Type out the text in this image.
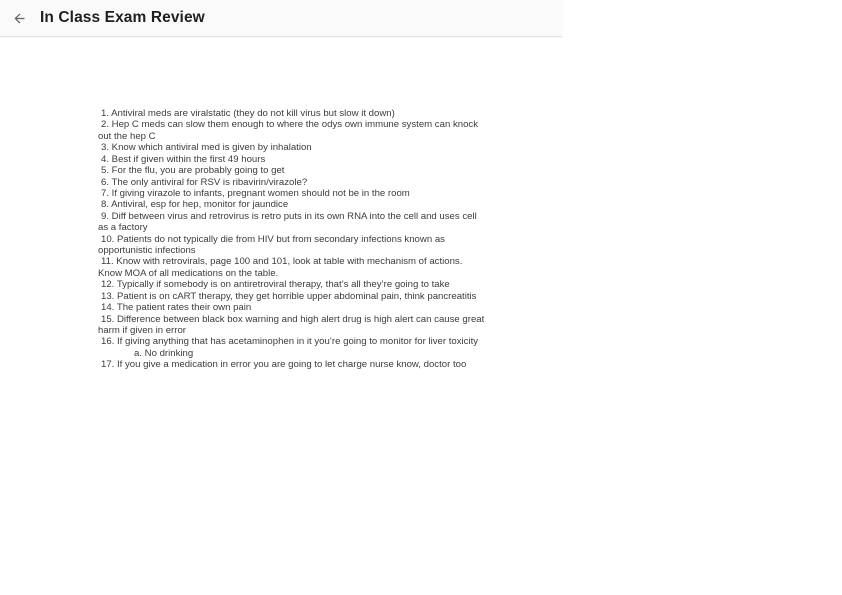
In Class Exam Review
1. Antiviral meds are viralstatic (they do not kill virus but slow it down)
2. Hep C meds can slow them enough to where the odys own immune system can knock out the hep C
3. Know which antiviral med is given by inhalation
4. Best if given within the first 49 hours
5. For the flu, you are probably going to get
6. The only antiviral for RSV is ribavirin/virazole?
7. If giving virazole to infants, pregnant women should not be in the room
8. Antiviral, esp for hep, monitor for jaundice
9. Diff between virus and retrovirus is retro puts in its own RNA into the cell and uses cell as a factory
10. Patients do not typically die from HIV but from secondary infections known as opportunistic infections
11. Know with retrovirals, page 100 and 101, look at table with mechanism of actions. Know MOA of all medications on the table.
12. Typically if somebody is on antiretroviral therapy, that’s all they’re going to take
13. Patient is on cART therapy, they get horrible upper abdominal pain, think pancreatitis
14. The patient rates their own pain
15. Difference between black box warning and high alert drug is high alert can cause great harm if given in error
16. If giving anything that has acetaminophen in it you’re going to monitor for liver toxicity
a. No drinking
17. If you give a medication in error you are going to let charge nurse know, doctor too
